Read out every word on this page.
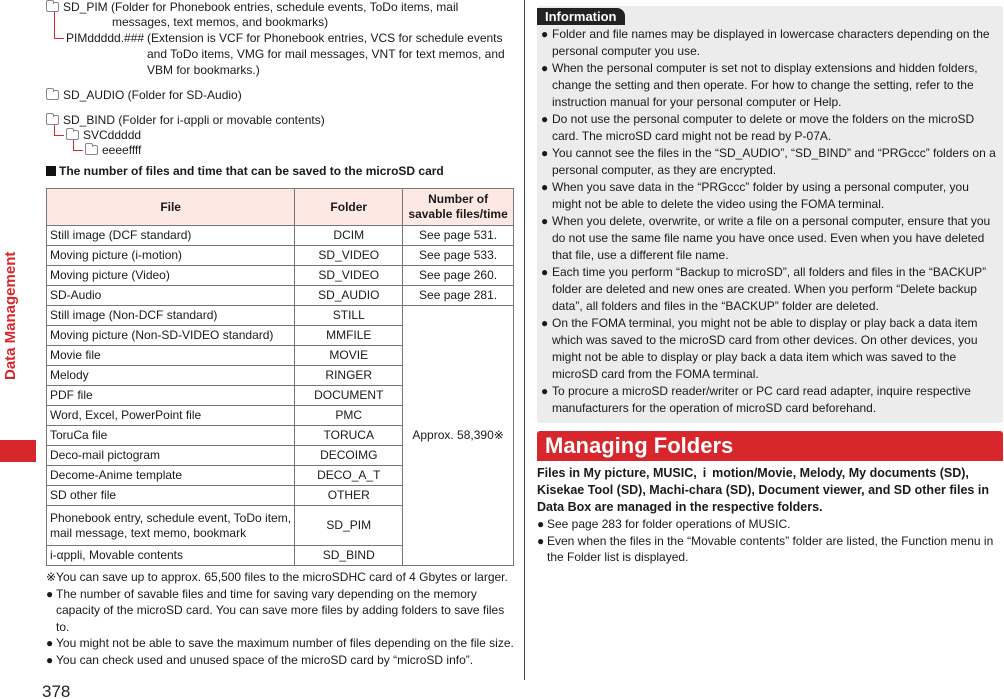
Data Management
378
SD_PIM (Folder for Phonebook entries, schedule events, ToDo items, mail
messages, text memos, and bookmarks)
PIMddddd.### (Extension is VCF for Phonebook entries, VCS for schedule events
and ToDo items, VMG for mail messages, VNT for text memos, and
VBM for bookmarks.)
SD_AUDIO (Folder for SD-Audio)
SD_BIND (Folder for i-αppli or movable contents)
SVCddddd
eeeeffff
The number of files and time that can be saved to the microSD card
File	Folder	Number of savable files/time
Still image (DCF standard)	DCIM	See page 531.
Moving picture (i-motion)	SD_VIDEO	See page 533.
Moving picture (Video)	SD_VIDEO	See page 260.
SD-Audio	SD_AUDIO	See page 281.
Still image (Non-DCF standard)	STILL	Approx. 58,390※
Moving picture (Non-SD-VIDEO standard)	MMFILE	
Movie file	MOVIE	
Melody	RINGER	
PDF file	DOCUMENT	
Word, Excel, PowerPoint file	PMC	
ToruCa file	TORUCA	
Deco-mail pictogram	DECOIMG	
Decome-Anime template	DECO_A_T	
SD other file	OTHER	
Phonebook entry, schedule event, ToDo item,
mail message, text memo, bookmark	SD_PIM	
i-αppli, Movable contents	SD_BIND	

※You can save up to approx. 65,500 files to the microSDHC card of 4 Gbytes or larger.

● The number of savable files and time for saving vary depending on the memory capacity of the microSD card. You can save more files by adding folders to save files to.

● You might not be able to save the maximum number of files depending on the file size.

● You can check used and unused space of the microSD card by “microSD info”.

Information

● Folder and file names may be displayed in lowercase characters depending on the personal computer you use.

● When the personal computer is set not to display extensions and hidden folders, change the setting and then operate. For how to change the setting, refer to the instruction manual for your personal computer or Help.

● Do not use the personal computer to delete or move the folders on the microSD card. The microSD card might not be read by P-07A.

● You cannot see the files in the “SD_AUDIO”, “SD_BIND” and “PRGccc” folders on a personal computer, as they are encrypted.

● When you save data in the “PRGccc” folder by using a personal computer, you might not be able to delete the video using the FOMA terminal.

● When you delete, overwrite, or write a file on a personal computer, ensure that you do not use the same file name you have once used. Even when you have deleted that file, use a different file name.

● Each time you perform “Backup to microSD”, all folders and files in the “BACKUP” folder are deleted and new ones are created. When you perform “Delete backup data”, all folders and files in the “BACKUP” folder are deleted.

● On the FOMA terminal, you might not be able to display or play back a data item which was saved to the microSD card from other devices. On other devices, you might not be able to display or play back a data item which was saved to the microSD card from the FOMA terminal.

● To procure a microSD reader/writer or PC card read adapter, inquire respective manufacturers for the operation of microSD card beforehand.

Managing Folders
Files in My picture, MUSIC,  i  motion/Movie, Melody, My documents (SD), Kisekae Tool (SD), Machi-chara (SD), Document viewer, and SD other files in Data Box are managed in the respective folders.

● See page 283 for folder operations of MUSIC.

● Even when the files in the “Movable contents” folder are listed, the Function menu in the Folder list is displayed.
